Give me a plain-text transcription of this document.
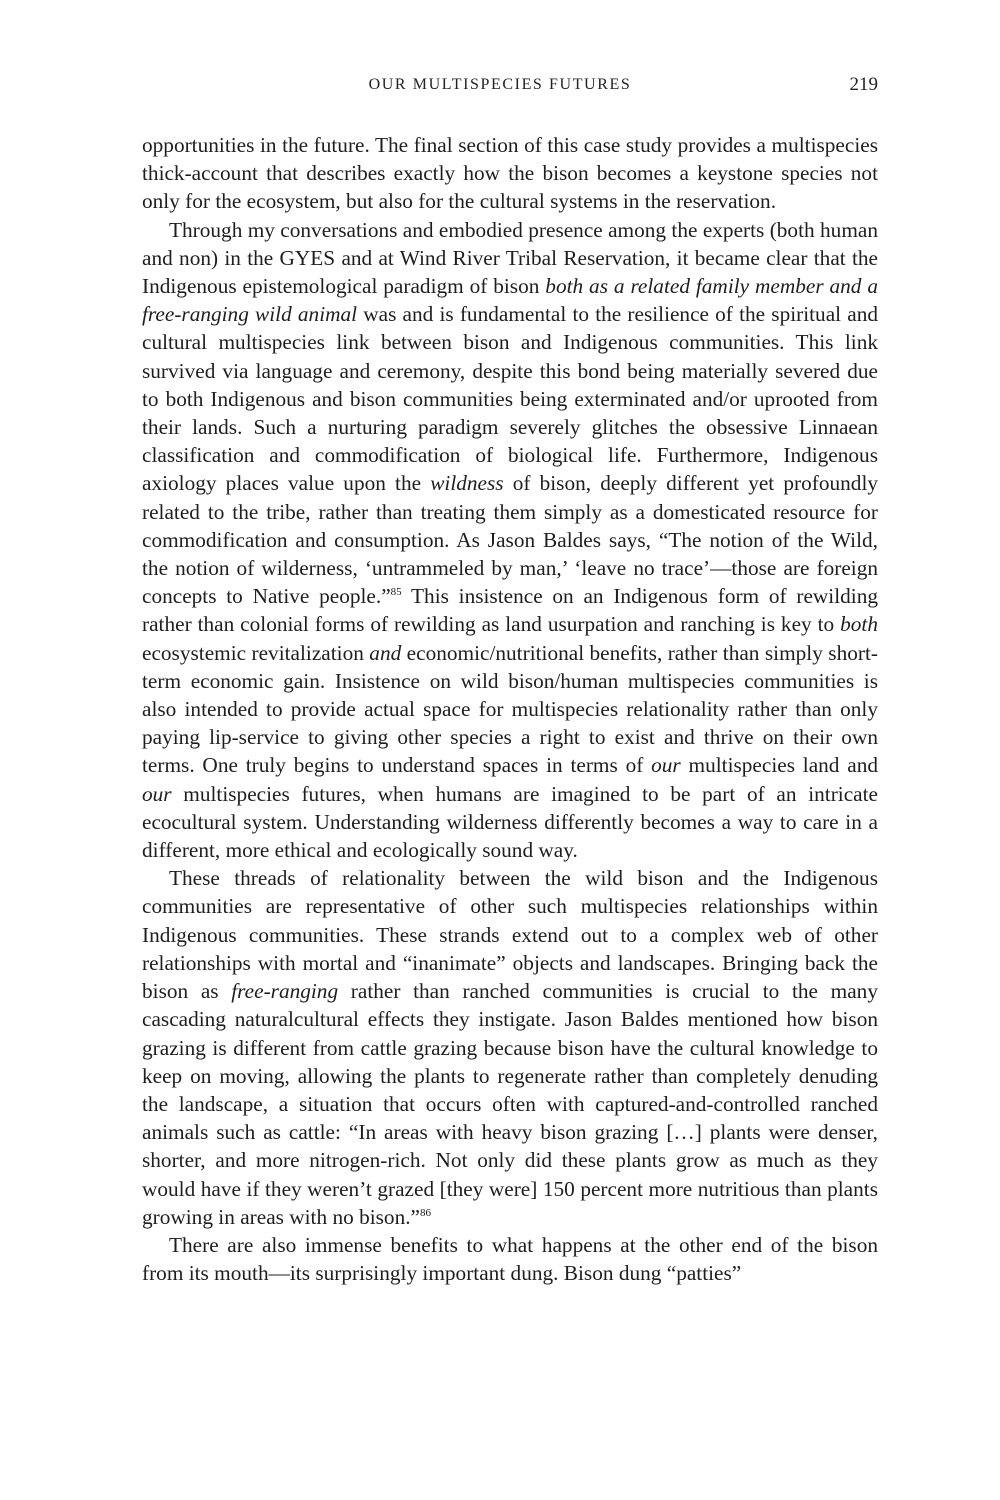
OUR MULTISPECIES FUTURES	219

opportunities in the future. The final section of this case study provides a multispecies thick-account that describes exactly how the bison becomes a keystone species not only for the ecosystem, but also for the cultural systems in the reservation.

Through my conversations and embodied presence among the experts (both human and non) in the GYES and at Wind River Tribal Reservation, it became clear that the Indigenous epistemological paradigm of bison both as a related family member and a free-ranging wild animal was and is fundamental to the resilience of the spiritual and cultural multispecies link between bison and Indigenous communities. This link survived via language and ceremony, despite this bond being materially severed due to both Indigenous and bison communities being exterminated and/or uprooted from their lands. Such a nurturing paradigm severely glitches the obsessive Linnaean classification and commodification of biological life. Furthermore, Indigenous axiology places value upon the wildness of bison, deeply different yet profoundly related to the tribe, rather than treating them simply as a domesticated resource for commodification and consumption. As Jason Baldes says, “The notion of the Wild, the notion of wilderness, ‘untrammeled by man,’ ‘leave no trace’—those are foreign concepts to Native people.”$^{85}$ This insistence on an Indigenous form of rewilding rather than colonial forms of rewilding as land usurpation and ranching is key to both ecosystemic revitalization and economic/nutritional benefits, rather than simply short-term economic gain. Insistence on wild bison/human multispecies communities is also intended to provide actual space for multispecies relationality rather than only paying lip-service to giving other species a right to exist and thrive on their own terms. One truly begins to understand spaces in terms of our multispecies land and our multispecies futures, when humans are imagined to be part of an intricate ecocultural system. Understanding wilderness differently becomes a way to care in a different, more ethical and ecologically sound way.

These threads of relationality between the wild bison and the Indigenous communities are representative of other such multispecies relationships within Indigenous communities. These strands extend out to a complex web of other relationships with mortal and “inanimate” objects and landscapes. Bringing back the bison as free-ranging rather than ranched communities is crucial to the many cascading naturalcultural effects they instigate. Jason Baldes mentioned how bison grazing is different from cattle grazing because bison have the cultural knowledge to keep on moving, allowing the plants to regenerate rather than completely denuding the landscape, a situation that occurs often with captured-and-controlled ranched animals such as cattle: “In areas with heavy bison grazing […] plants were denser, shorter, and more nitrogen-rich. Not only did these plants grow as much as they would have if they weren’t grazed [they were] 150 percent more nutritious than plants growing in areas with no bison.”$^{86}$

There are also immense benefits to what happens at the other end of the bison from its mouth—its surprisingly important dung. Bison dung “patties”
